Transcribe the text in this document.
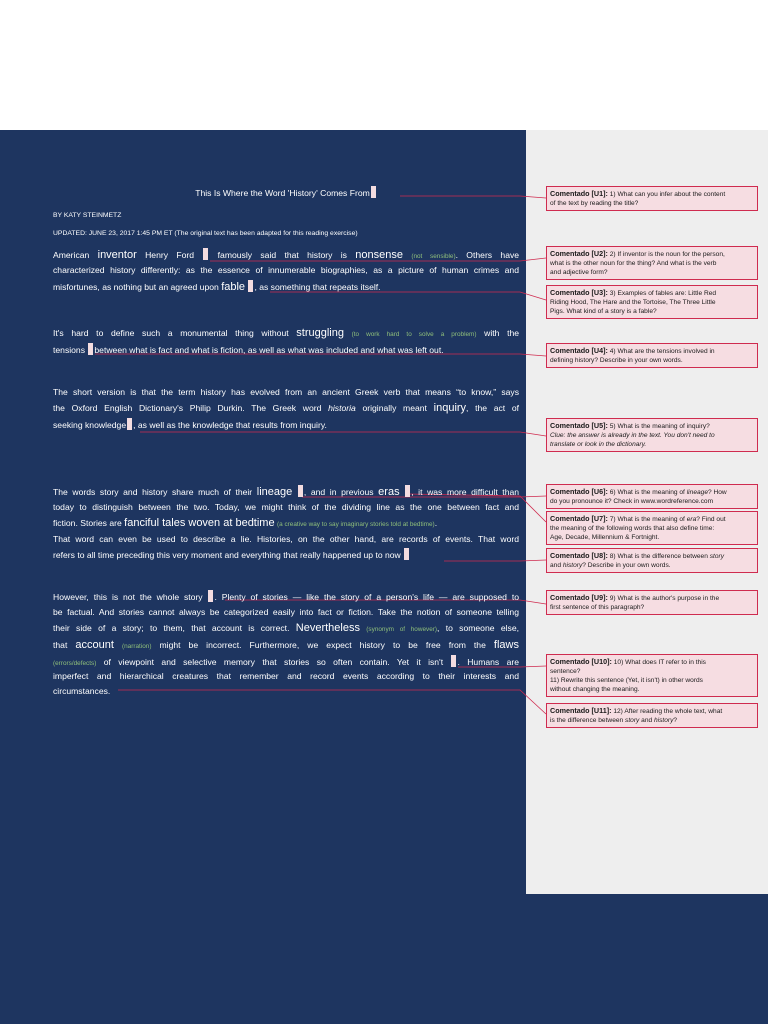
This Is Where the Word 'History' Comes From
BY KATY STEINMETZ
UPDATED: JUNE 23, 2017 1:45 PM ET (The original text has been adapted for this reading exercise)
American inventor Henry Ford	famously said that history is nonsense (not sensible). Others have
characterized history differently: as the essence of innumerable biographies, as a picture of human crimes and
misfortunes, as nothing but an agreed upon fable , as something that repeats itself.
It's hard to define such a monumental thing without struggling (to work hard to solve a problem) with the
tensions between what is fact and what is fiction, as well as what was included and what was left out.
The short version is that the term history has evolved from an ancient Greek verb that means “to know,” says
the Oxford English Dictionary's Philip Durkin. The Greek word historia originally meant inquiry, the act of
seeking knowledge , as well as the knowledge that results from inquiry.
The words story and history share much of their lineage , and in previous eras , it was more difficult than
today to distinguish between the two. Today, we might think of the dividing line as the one between fact and
fiction. Stories are fanciful tales woven at bedtime (a creative way to say imaginary stories told at bedtime).
That word can even be used to describe a lie. Histories, on the other hand, are records of events. That word
refers to all time preceding this very moment and everything that really happened up to now
However, this is not the whole story . Plenty of stories — like the story of a person's life — are supposed to
be factual. And stories cannot always be categorized easily into fact or fiction. Take the notion of someone telling
their side of a story; to them, that account is correct. Nevertheless (synonym of however), to someone else,
that account (narration) might be incorrect. Furthermore, we expect history to be free from the flaws
(errors/defects) of viewpoint and selective memory that stories so often contain. Yet it isn't . Humans are
imperfect and hierarchical creatures that remember and record events according to their interests and
circumstances.
Comentado [U1]: 1) What can you infer about the content
of the text by reading the title?
Comentado [U2]: 2) If inventor is the noun for the person,
what is the other noun for the thing? And what is the verb
and adjective form?
Comentado [U3]: 3) Examples of fables are: Little Red
Riding Hood, The Hare and the Tortoise, The Three Little
Pigs. What kind of a story is a fable?
Comentado [U4]: 4) What are the tensions involved in
defining history? Describe in your own words.
Comentado [U5]: 5) What is the meaning of inquiry?
Clue: the answer is already in the text. You don't need to
translate or look in the dictionary.
Comentado [U6]: 6) What is the meaning of lineage? How
do you pronounce it? Check in www.wordreference.com
Comentado [U7]: 7) What is the meaning of era? Find out
the meaning of the following words that also define time:
Age, Decade, Millennium & Fortnight.
Comentado [U8]: 8) What is the difference between story
and history? Describe in your own words.
Comentado [U9]: 9) What is the author's purpose in the
first sentence of this paragraph?
Comentado [U10]: 10) What does IT refer to in this
sentence?
11) Rewrite this sentence (Yet, it isn't) in other words
without changing the meaning.
Comentado [U11]: 12) After reading the whole text, what
is the difference between story and history?
